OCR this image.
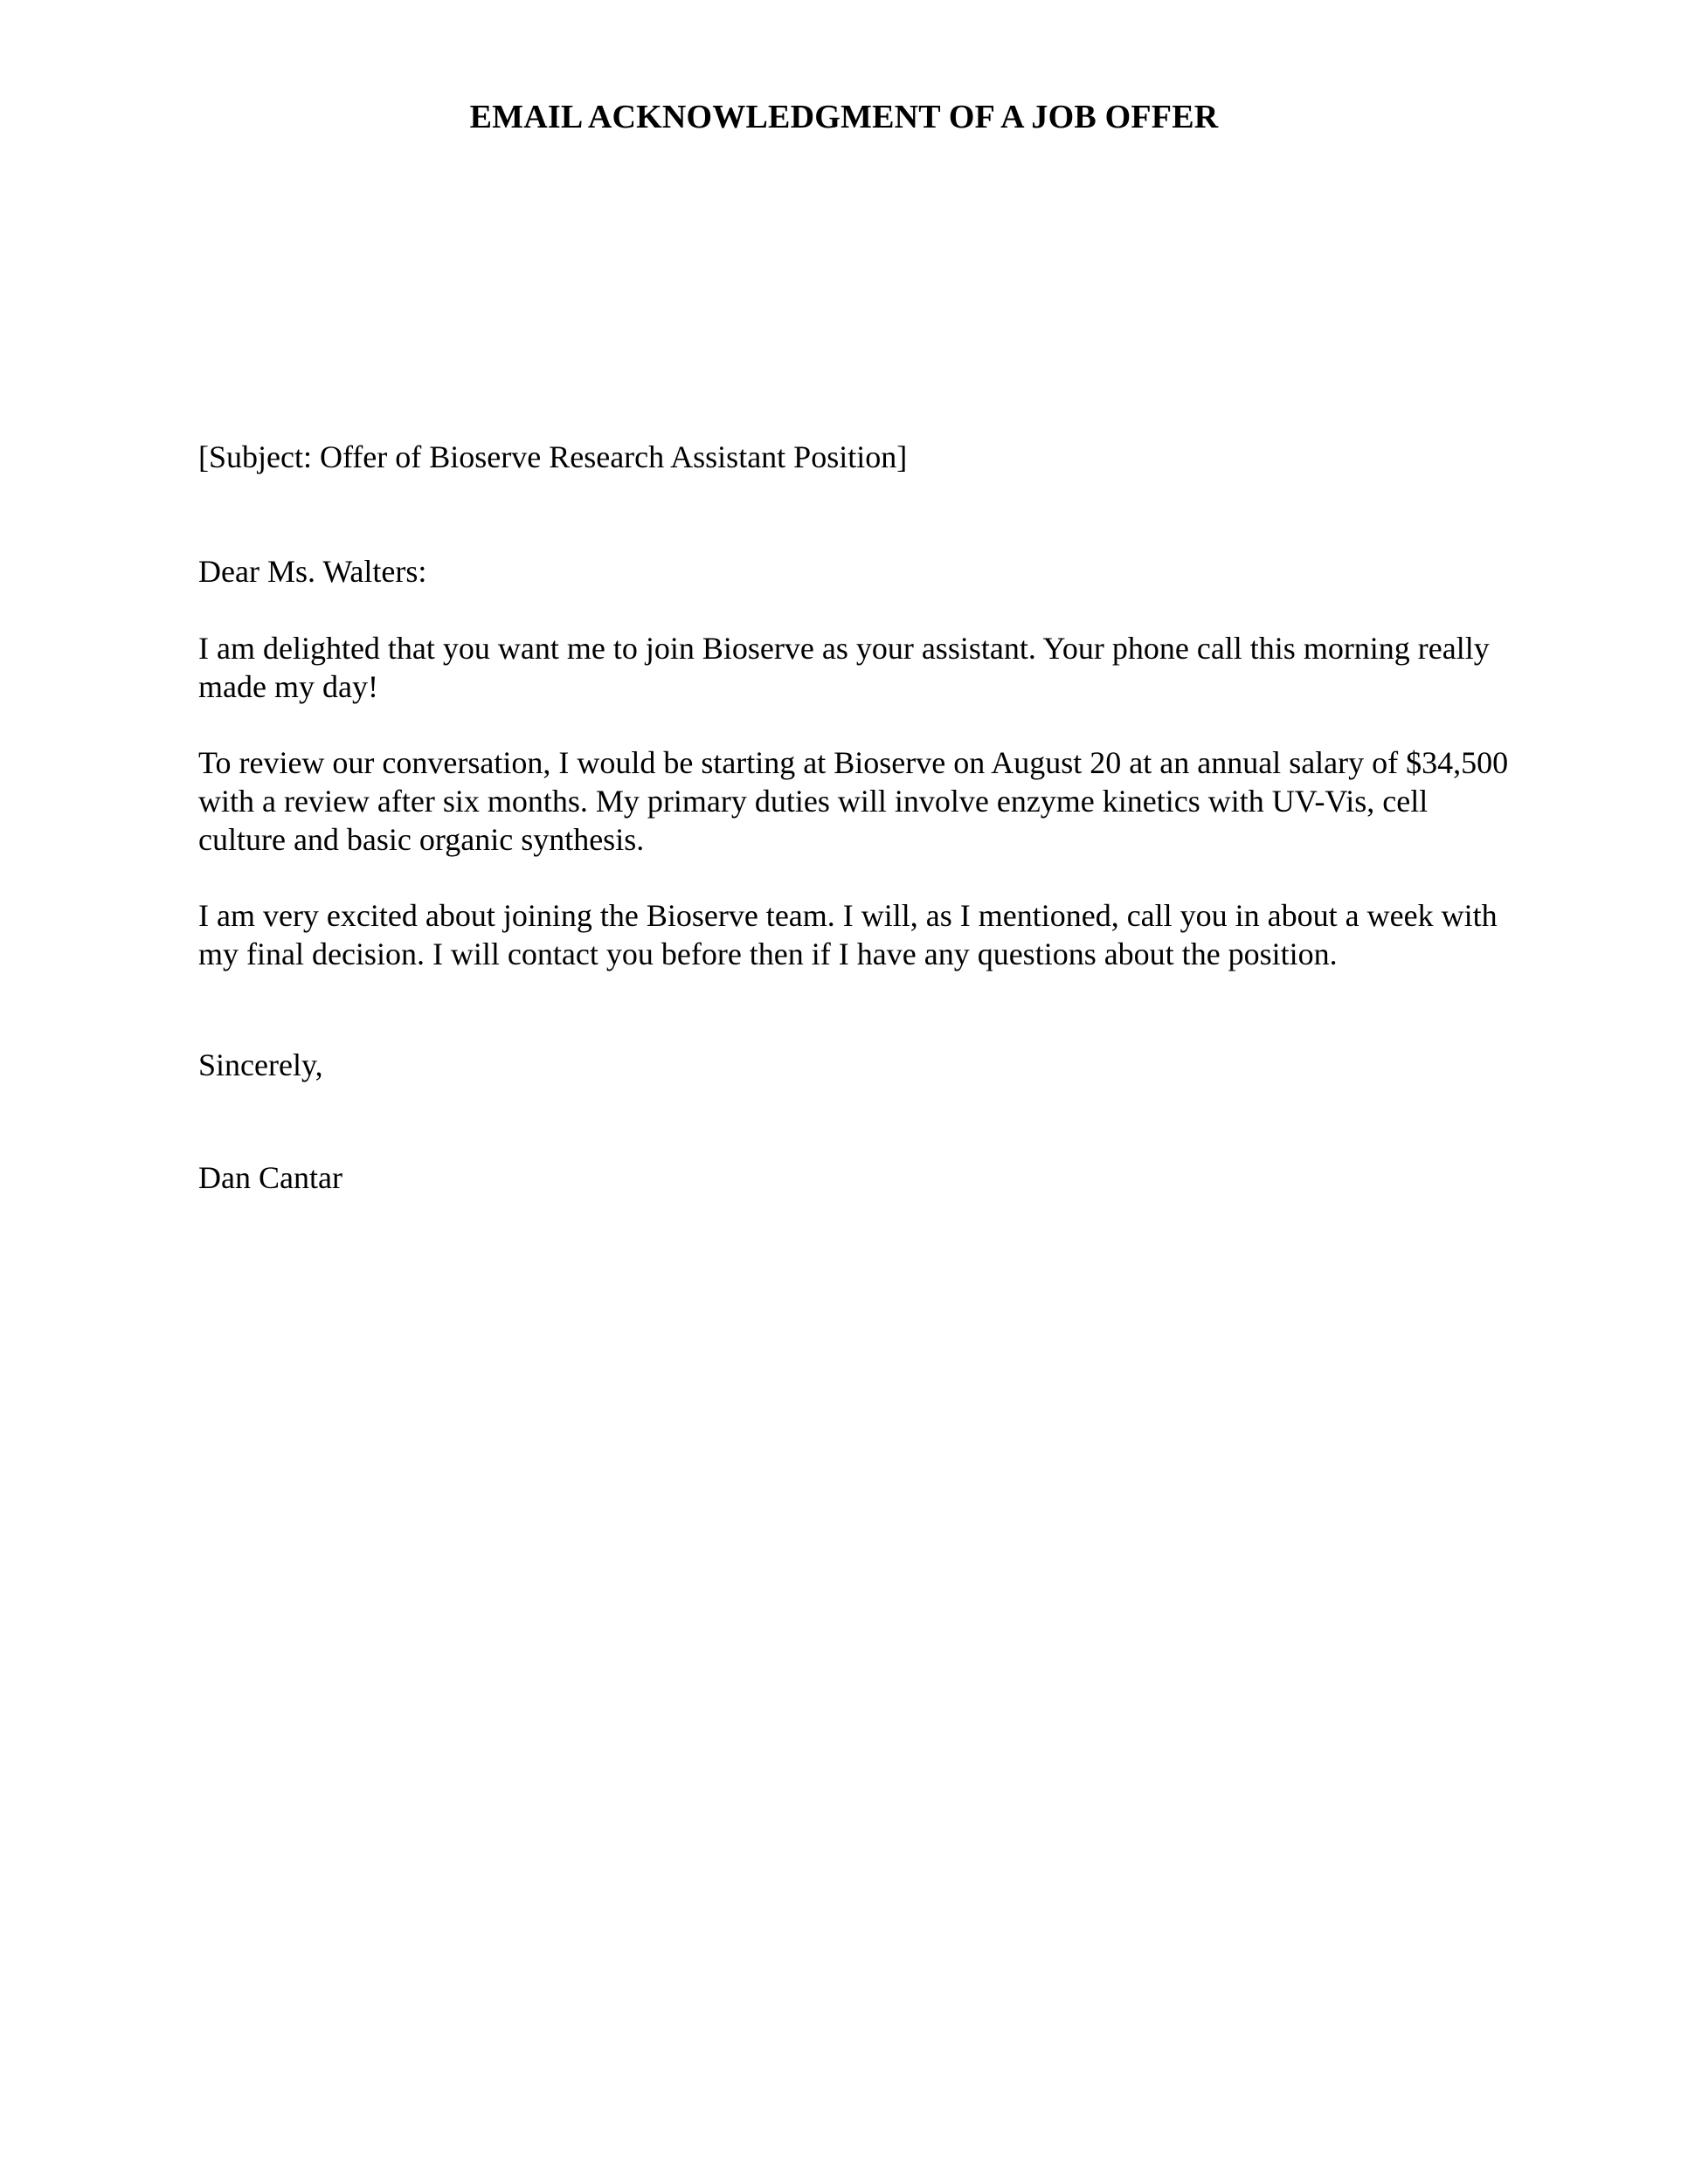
EMAIL ACKNOWLEDGMENT OF A JOB OFFER

[Subject: Offer of Bioserve Research Assistant Position]

Dear Ms. Walters:

I am delighted that you want me to join Bioserve as your assistant. Your phone call this morning really made my day!

To review our conversation, I would be starting at Bioserve on August 20 at an annual salary of $34,500 with a review after six months. My primary duties will involve enzyme kinetics with UV-Vis, cell culture and basic organic synthesis.

I am very excited about joining the Bioserve team. I will, as I mentioned, call you in about a week with my final decision. I will contact you before then if I have any questions about the position.

Sincerely,

Dan Cantar
